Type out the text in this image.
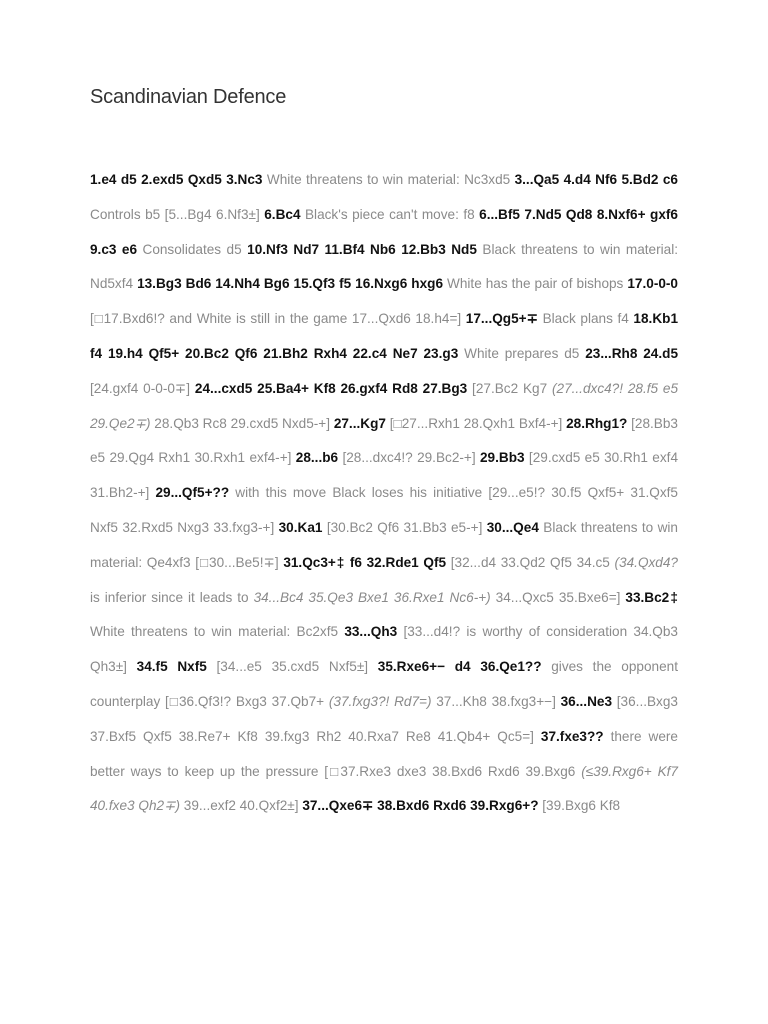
Scandinavian Defence

1.e4 d5 2.exd5 Qxd5 3.Nc3 White threatens to win material: Nc3xd5 3...Qa5 4.d4 Nf6 5.Bd2 c6 Controls b5 [5...Bg4 6.Nf3±] 6.Bc4 Black's piece can't move: f8 6...Bf5 7.Nd5 Qd8 8.Nxf6+ gxf6 9.c3 e6 Consolidates d5 10.Nf3 Nd7 11.Bf4 Nb6 12.Bb3 Nd5 Black threatens to win material: Nd5xf4 13.Bg3 Bd6 14.Nh4 Bg6 15.Qf3 f5 16.Nxg6 hxg6 White has the pair of bishops 17.0-0-0 [□17.Bxd6!? and White is still in the game 17...Qxd6 18.h4=] 17...Qg5+∓ Black plans f4 18.Kb1 f4 19.h4 Qf5+ 20.Bc2 Qf6 21.Bh2 Rxh4 22.c4 Ne7 23.g3 White prepares d5 23...Rh8 24.d5 [24.gxf4 0-0-0∓] 24...cxd5 25.Ba4+ Kf8 26.gxf4 Rd8 27.Bg3 [27.Bc2 Kg7 (27...dxc4?! 28.f5 e5 29.Qe2∓) 28.Qb3 Rc8 29.cxd5 Nxd5-+] 27...Kg7 [□27...Rxh1 28.Qxh1 Bxf4-+] 28.Rhg1? [28.Bb3 e5 29.Qg4 Rxh1 30.Rxh1 exf4-+] 28...b6 [28...dxc4!? 29.Bc2-+] 29.Bb3 [29.cxd5 e5 30.Rh1 exf4 31.Bh2-+] 29...Qf5+?? with this move Black loses his initiative [29...e5!? 30.f5 Qxf5+ 31.Qxf5 Nxf5 32.Rxd5 Nxg3 33.fxg3-+] 30.Ka1 [30.Bc2 Qf6 31.Bb3 e5-+] 30...Qe4 Black threatens to win material: Qe4xf3 [□30...Be5!∓] 31.Qc3+‡ f6 32.Rde1 Qf5 [32...d4 33.Qd2 Qf5 34.c5 (34.Qxd4? is inferior since it leads to 34...Bc4 35.Qe3 Bxe1 36.Rxe1 Nc6-+) 34...Qxc5 35.Bxe6=] 33.Bc2‡ White threatens to win material: Bc2xf5 33...Qh3 [33...d4!? is worthy of consideration 34.Qb3 Qh3±] 34.f5 Nxf5 [34...e5 35.cxd5 Nxf5±] 35.Rxe6+− d4 36.Qe1?? gives the opponent counterplay [□36.Qf3!? Bxg3 37.Qb7+ (37.fxg3?! Rd7=) 37...Kh8 38.fxg3+−] 36...Ne3 [36...Bxg3 37.Bxf5 Qxf5 38.Re7+ Kf8 39.fxg3 Rh2 40.Rxa7 Re8 41.Qb4+ Qc5=] 37.fxe3?? there were better ways to keep up the pressure [□37.Rxe3 dxe3 38.Bxd6 Rxd6 39.Bxg6 (≤39.Rxg6+ Kf7 40.fxe3 Qh2∓) 39...exf2 40.Qxf2±] 37...Qxe6∓ 38.Bxd6 Rxd6 39.Rxg6+? [39.Bxg6 Kf8
